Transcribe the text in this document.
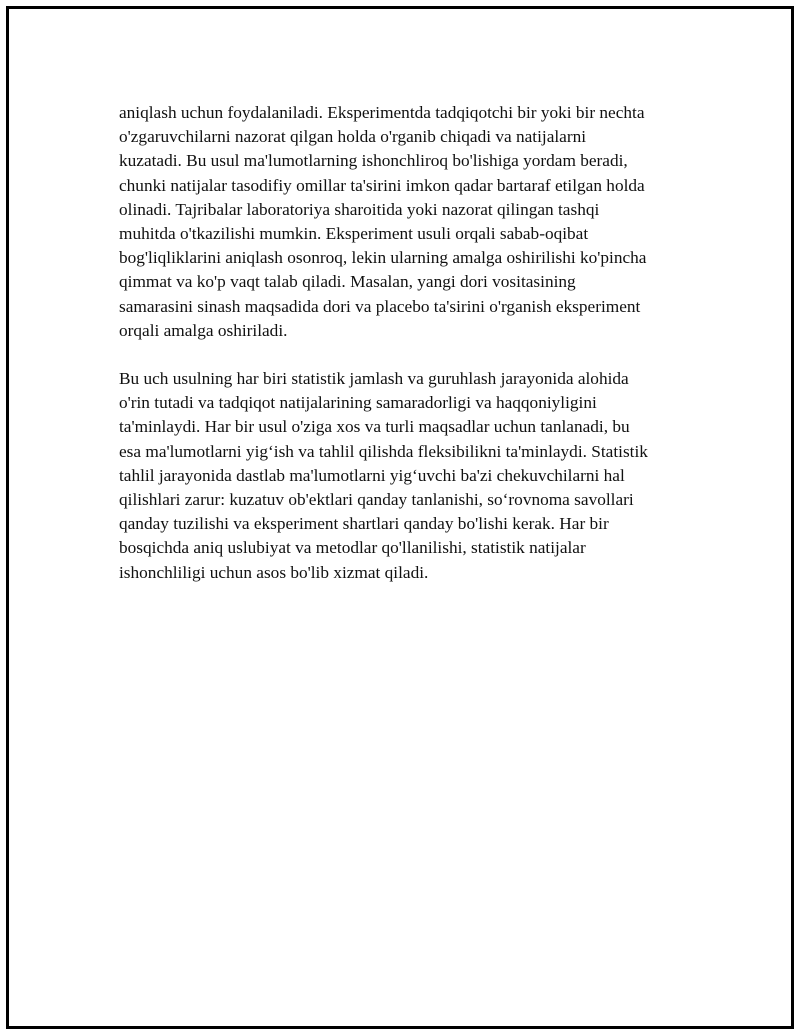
aniqlash uchun foydalaniladi. Eksperimentda tadqiqotchi bir yoki bir nechta
o'zgaruvchilarni nazorat qilgan holda o'rganib chiqadi va natijalarni
kuzatadi. Bu usul ma'lumotlarning ishonchliroq bo'lishiga yordam beradi,
chunki natijalar tasodifiy omillar ta'sirini imkon qadar bartaraf etilgan holda
olinadi. Tajribalar laboratoriya sharoitida yoki nazorat qilingan tashqi
muhitda o'tkazilishi mumkin. Eksperiment usuli orqali sabab-oqibat
bog'liqliklarini aniqlash osonroq, lekin ularning amalga oshirilishi ko'pincha
qimmat va ko'p vaqt talab qiladi. Masalan, yangi dori vositasining
samarasini sinash maqsadida dori va placebo ta'sirini o'rganish eksperiment
orqali amalga oshiriladi.
Bu uch usulning har biri statistik jamlash va guruhlash jarayonida alohida
o'rin tutadi va tadqiqot natijalarining samaradorligi va haqqoniyligini
ta'minlaydi. Har bir usul o'ziga xos va turli maqsadlar uchun tanlanadi, bu
esa ma'lumotlarni yig‘ish va tahlil qilishda fleksibilikni ta'minlaydi. Statistik
tahlil jarayonida dastlab ma'lumotlarni yig‘uvchi ba'zi chekuvchilarni hal
qilishlari zarur: kuzatuv ob'ektlari qanday tanlanishi, so‘rovnoma savollari
qanday tuzilishi va eksperiment shartlari qanday bo'lishi kerak. Har bir
bosqichda aniq uslubiyat va metodlar qo'llanilishi, statistik natijalar
ishonchliligi uchun asos bo'lib xizmat qiladi.
